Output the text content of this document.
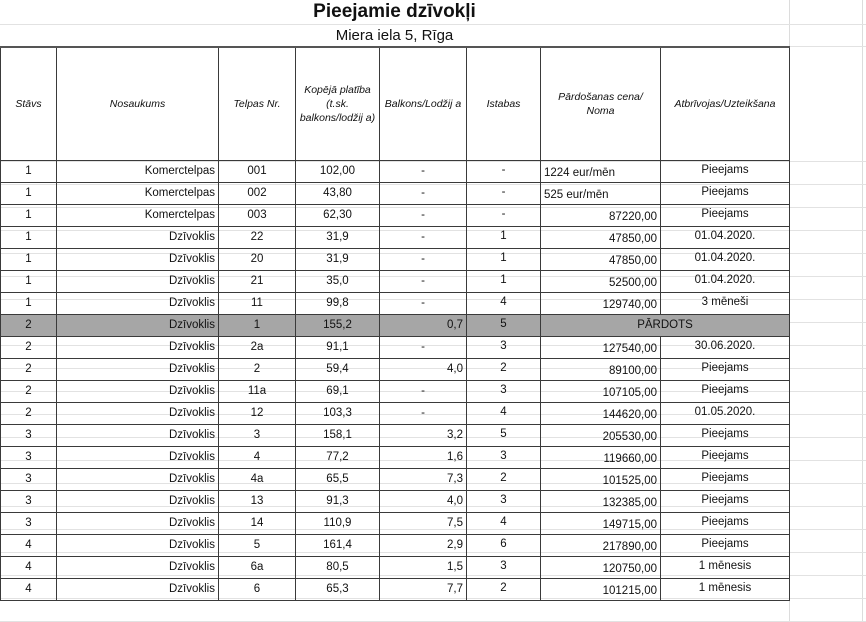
Pieejamie dzīvokļi
Miera iela 5, Rīga
Stāvs	Nosaukums	Telpas Nr.	Kopējā platība (t.sk. balkons/lodžij a)	Balkons/Lodžij a	Istabas	Pārdošanas cena/ Noma	Atbrīvojas/Uzteikšana
1	Komerctelpas	001	102,00	-	-	1224 eur/mēn	Pieejams
1	Komerctelpas	002	43,80	-	-	525 eur/mēn	Pieejams
1	Komerctelpas	003	62,30	-	-	87220,00	Pieejams
1	Dzīvoklis	22	31,9	-	1	47850,00	01.04.2020.
1	Dzīvoklis	20	31,9	-	1	47850,00	01.04.2020.
1	Dzīvoklis	21	35,0	-	1	52500,00	01.04.2020.
1	Dzīvoklis	11	99,8	-	4	129740,00	3 mēneši
2	Dzīvoklis	1	155,2	0,7	5	PĀRDOTS	
2	Dzīvoklis	2a	91,1	-	3	127540,00	30.06.2020.
2	Dzīvoklis	2	59,4	4,0	2	89100,00	Pieejams
2	Dzīvoklis	11a	69,1	-	3	107105,00	Pieejams
2	Dzīvoklis	12	103,3	-	4	144620,00	01.05.2020.
3	Dzīvoklis	3	158,1	3,2	5	205530,00	Pieejams
3	Dzīvoklis	4	77,2	1,6	3	119660,00	Pieejams
3	Dzīvoklis	4a	65,5	7,3	2	101525,00	Pieejams
3	Dzīvoklis	13	91,3	4,0	3	132385,00	Pieejams
3	Dzīvoklis	14	110,9	7,5	4	149715,00	Pieejams
4	Dzīvoklis	5	161,4	2,9	6	217890,00	Pieejams
4	Dzīvoklis	6a	80,5	1,5	3	120750,00	1 mēnesis
4	Dzīvoklis	6	65,3	7,7	2	101215,00	1 mēnesis
